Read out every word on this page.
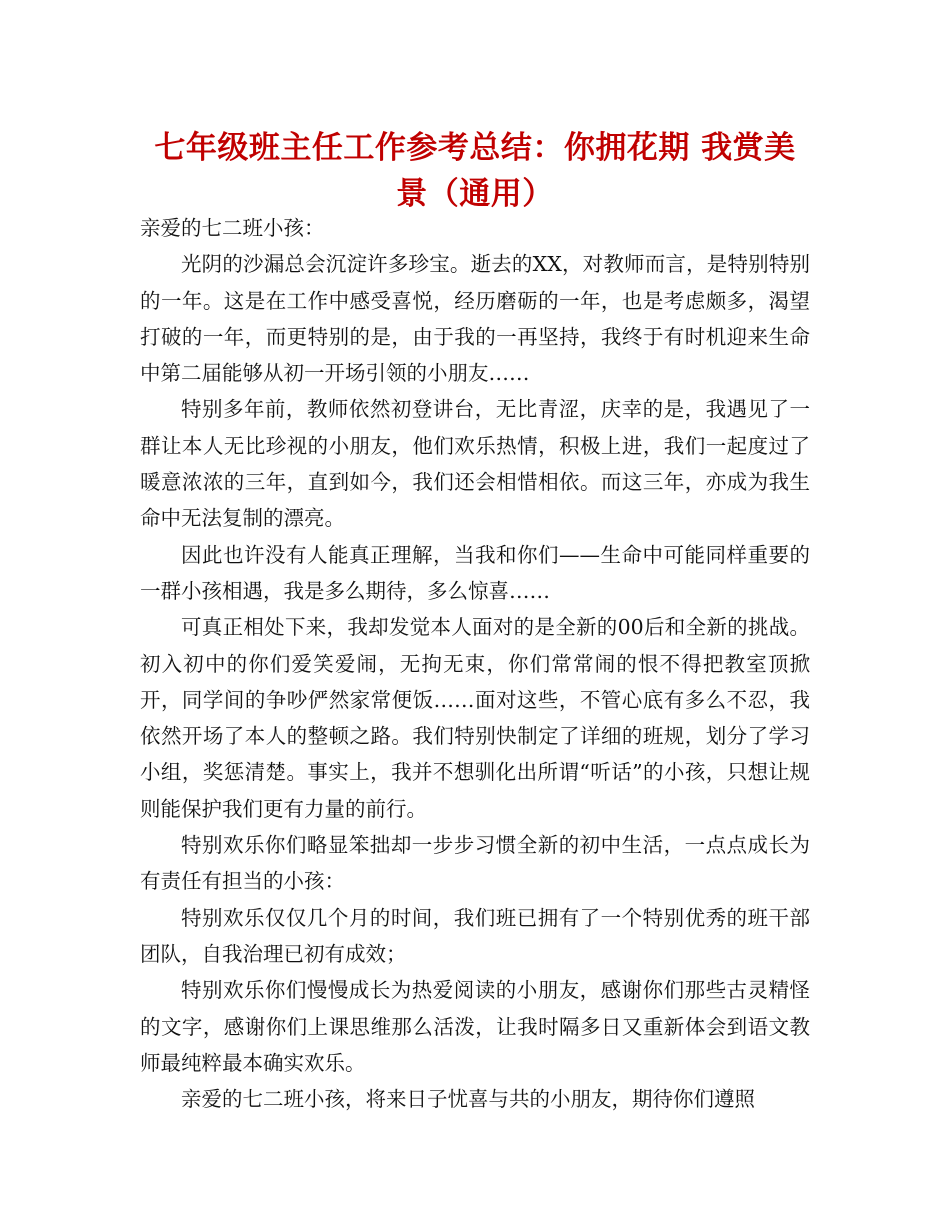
七年级班主任工作参考总结：你拥花期 我赏美景（通用）

亲爱的七二班小孩：

光阴的沙漏总会沉淀许多珍宝。逝去的XX，对教师而言，是特别特别的一年。这是在工作中感受喜悦，经历磨砺的一年，也是考虑颇多，渴望打破的一年，而更特别的是，由于我的一再坚持，我终于有时机迎来生命中第二届能够从初一开场引领的小朋友……

特别多年前，教师依然初登讲台，无比青涩，庆幸的是，我遇见了一群让本人无比珍视的小朋友，他们欢乐热情，积极上进，我们一起度过了暖意浓浓的三年，直到如今，我们还会相惜相依。而这三年，亦成为我生命中无法复制的漂亮。

因此也许没有人能真正理解，当我和你们——生命中可能同样重要的一群小孩相遇，我是多么期待，多么惊喜……

可真正相处下来，我却发觉本人面对的是全新的00后和全新的挑战。初入初中的你们爱笑爱闹，无拘无束，你们常常闹的恨不得把教室顶掀开，同学间的争吵俨然家常便饭……面对这些，不管心底有多么不忍，我依然开场了本人的整顿之路。我们特别快制定了详细的班规，划分了学习小组，奖惩清楚。事实上，我并不想驯化出所谓“听话”的小孩，只想让规则能保护我们更有力量的前行。

特别欢乐你们略显笨拙却一步步习惯全新的初中生活，一点点成长为有责任有担当的小孩：

特别欢乐仅仅几个月的时间，我们班已拥有了一个特别优秀的班干部团队，自我治理已初有成效；

特别欢乐你们慢慢成长为热爱阅读的小朋友，感谢你们那些古灵精怪的文字，感谢你们上课思维那么活泼，让我时隔多日又重新体会到语文教师最纯粹最本确实欢乐。

亲爱的七二班小孩，将来日子忧喜与共的小朋友，期待你们遵照
